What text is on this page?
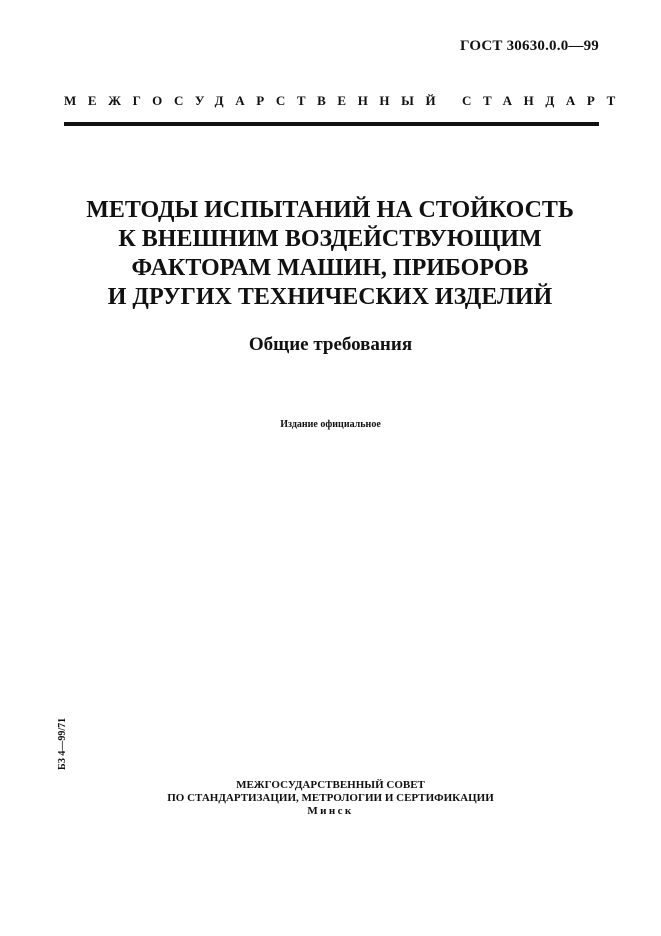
ГОСТ 30630.0.0—99
МЕЖГОСУДАРСТВЕННЫЙ СТАНДАРТ
МЕТОДЫ ИСПЫТАНИЙ НА СТОЙКОСТЬ
К ВНЕШНИМ ВОЗДЕЙСТВУЮЩИМ
ФАКТОРАМ МАШИН, ПРИБОРОВ
И ДРУГИХ ТЕХНИЧЕСКИХ ИЗДЕЛИЙ
Общие требования
Издание официальное
БЗ 4—99/71
МЕЖГОСУДАРСТВЕННЫЙ СОВЕТ
ПО СТАНДАРТИЗАЦИИ, МЕТРОЛОГИИ И СЕРТИФИКАЦИИ
Минск
